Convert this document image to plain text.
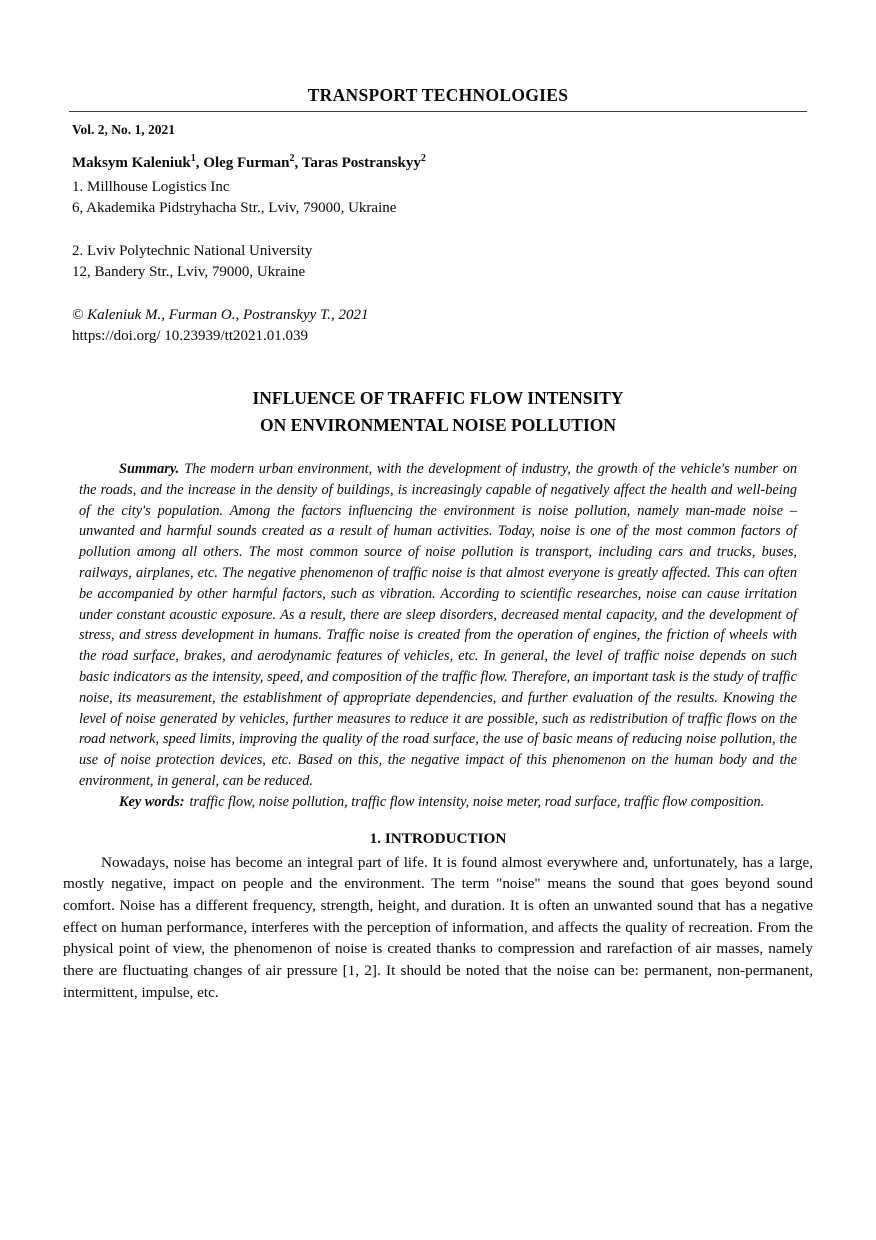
TRANSPORT TECHNOLOGIES

Vol. 2, No. 1, 2021

Maksym Kaleniuk$^1$, Oleg Furman$^2$, Taras Postranskyy$^2$

1. Millhouse Logistics Inc

6, Akademika Pidstryhacha Str., Lviv, 79000, Ukraine

2. Lviv Polytechnic National University

12, Bandery Str., Lviv, 79000, Ukraine

© Kaleniuk M., Furman O., Postranskyy T., 2021

https://doi.org/ 10.23939/tt2021.01.039

INFLUENCE OF TRAFFIC FLOW INTENSITY
ON ENVIRONMENTAL NOISE POLLUTION

Summary. The modern urban environment, with the development of industry, the growth of the vehicle's number on the roads, and the increase in the density of buildings, is increasingly capable of negatively affect the health and well-being of the city's population. Among the factors influencing the environment is noise pollution, namely man-made noise – unwanted and harmful sounds created as a result of human activities. Today, noise is one of the most common factors of pollution among all others. The most common source of noise pollution is transport, including cars and trucks, buses, railways, airplanes, etc. The negative phenomenon of traffic noise is that almost everyone is greatly affected. This can often be accompanied by other harmful factors, such as vibration. According to scientific researches, noise can cause irritation under constant acoustic exposure. As a result, there are sleep disorders, decreased mental capacity, and the development of stress, and stress development in humans. Traffic noise is created from the operation of engines, the friction of wheels with the road surface, brakes, and aerodynamic features of vehicles, etc. In general, the level of traffic noise depends on such basic indicators as the intensity, speed, and composition of the traffic flow. Therefore, an important task is the study of traffic noise, its measurement, the establishment of appropriate dependencies, and further evaluation of the results. Knowing the level of noise generated by vehicles, further measures to reduce it are possible, such as redistribution of traffic flows on the road network, speed limits, improving the quality of the road surface, the use of basic means of reducing noise pollution, the use of noise protection devices, etc. Based on this, the negative impact of this phenomenon on the human body and the environment, in general, can be reduced.

Key words: traffic flow, noise pollution, traffic flow intensity, noise meter, road surface, traffic flow composition.

1. INTRODUCTION

Nowadays, noise has become an integral part of life. It is found almost everywhere and, unfortunately, has a large, mostly negative, impact on people and the environment. The term "noise" means the sound that goes beyond sound comfort. Noise has a different frequency, strength, height, and duration. It is often an unwanted sound that has a negative effect on human performance, interferes with the perception of information, and affects the quality of recreation. From the physical point of view, the phenomenon of noise is created thanks to compression and rarefaction of air masses, namely there are fluctuating changes of air pressure [1, 2]. It should be noted that the noise can be: permanent, non-permanent, intermittent, impulse, etc.
